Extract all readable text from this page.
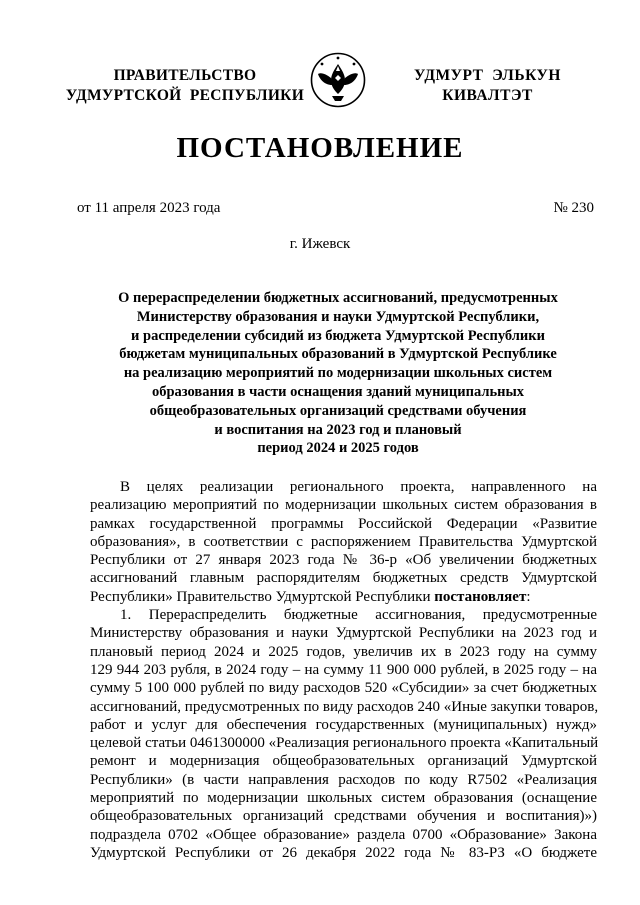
ПРАВИТЕЛЬСТВО
УДМУРТСКОЙ  РЕСПУБЛИКИ
УДМУРТ  ЭЛЬКУН
КИВАЛТЭТ
ПОСТАНОВЛЕНИЕ
от 11 апреля 2023 года	№ 230
г. Ижевск
О перераспределении бюджетных ассигнований, предусмотренных
Министерству образования и науки Удмуртской Республики,
и распределении субсидий из бюджета Удмуртской Республики
бюджетам муниципальных образований в Удмуртской Республике
на реализацию мероприятий по модернизации школьных систем
образования в части оснащения зданий муниципальных
общеобразовательных организаций средствами обучения
и воспитания на 2023 год и плановый
период 2024 и 2025 годов
В целях реализации регионального проекта, направленного на
реализацию мероприятий по модернизации школьных систем образования в
рамках государственной программы Российской Федерации «Развитие
образования», в соответствии с распоряжением Правительства Удмуртской
Республики от 27 января 2023 года № 36-р «Об увеличении бюджетных
ассигнований главным распорядителям бюджетных средств Удмуртской
Республики» Правительство Удмуртской Республики постановляет:
1. Перераспределить бюджетные ассигнования, предусмотренные
Министерству образования и науки Удмуртской Республики на 2023 год и
плановый период 2024 и 2025 годов, увеличив их в 2023 году на сумму
129 944 203 рубля, в 2024 году – на сумму 11 900 000 рублей, в 2025 году – на
сумму 5 100 000 рублей по виду расходов 520 «Субсидии» за счет бюджетных
ассигнований, предусмотренных по виду расходов 240 «Иные закупки товаров,
работ и услуг для обеспечения государственных (муниципальных) нужд»
целевой статьи 0461300000 «Реализация регионального проекта «Капитальный
ремонт и модернизация общеобразовательных организаций Удмуртской
Республики» (в части направления расходов по коду R7502 «Реализация
мероприятий по модернизации школьных систем образования (оснащение
общеобразовательных организаций средствами обучения и воспитания)»)
подраздела 0702 «Общее образование» раздела 0700 «Образование» Закона
Удмуртской Республики от 26 декабря 2022 года № 83-РЗ «О бюджете
